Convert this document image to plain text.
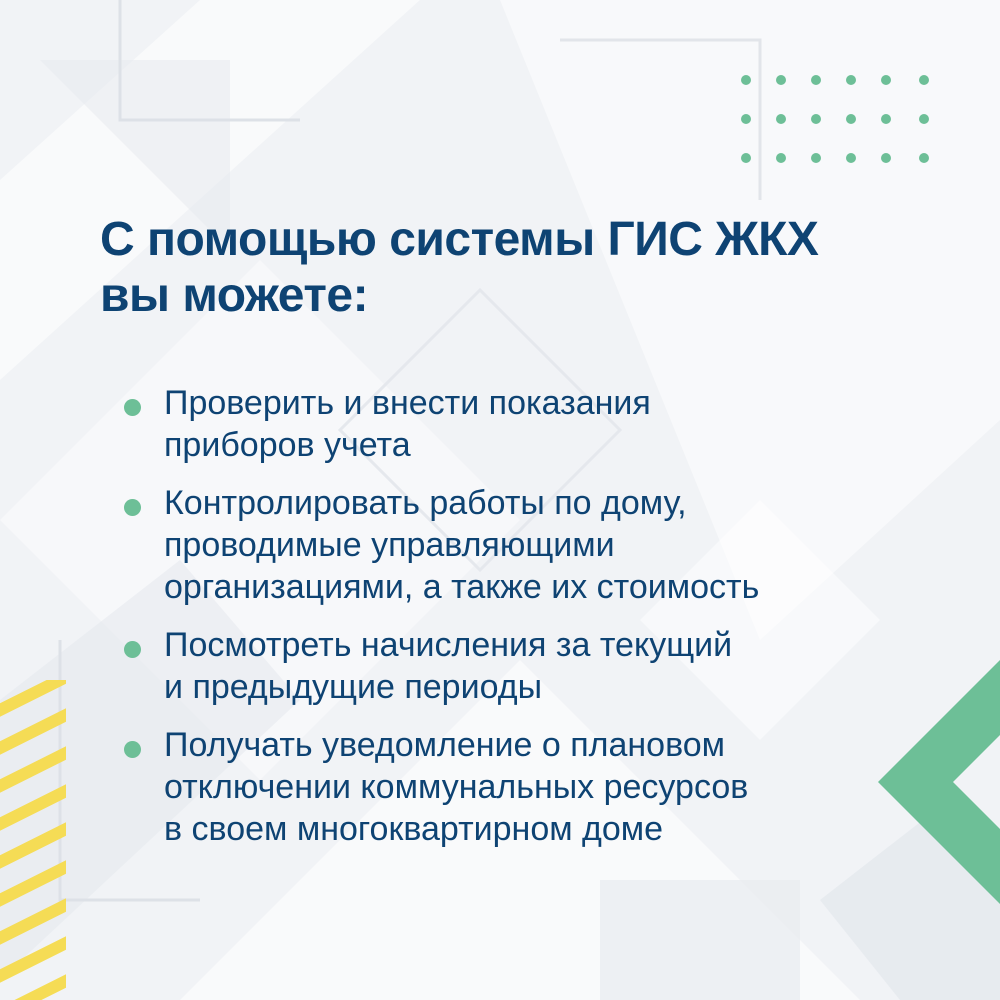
С помощью системы ГИС ЖКХ
вы можете:
Проверить и внести показания
приборов учета
Контролировать работы по дому,
проводимые управляющими
организациями, а также их стоимость
Посмотреть начисления за текущий
и предыдущие периоды
Получать уведомление о плановом
отключении коммунальных ресурсов
в своем многоквартирном доме
